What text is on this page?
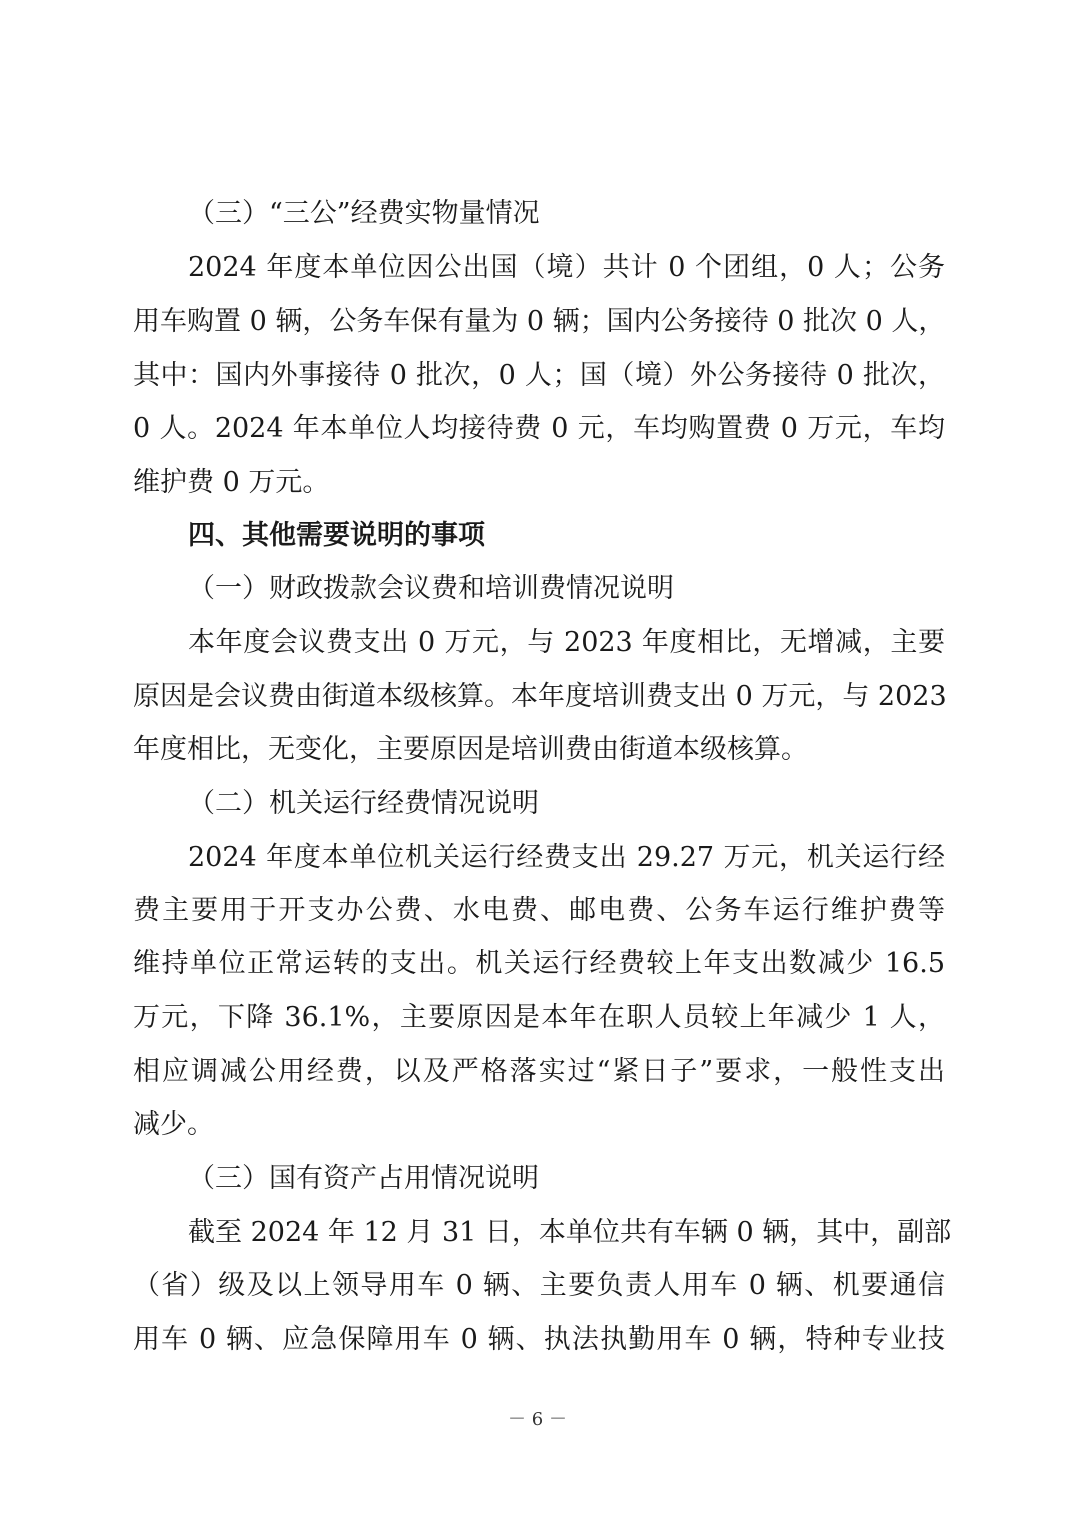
（三）“三公”经费实物量情况
2024 年度本单位因公出国（境）共计 0 个团组，0 人；公务
用车购置 0 辆，公务车保有量为 0 辆；国内公务接待 0 批次 0 人，
其中：国内外事接待 0 批次，0 人；国（境）外公务接待 0 批次，
0 人。2024 年本单位人均接待费 0 元，车均购置费 0 万元，车均
维护费 0 万元。
四、其他需要说明的事项
（一）财政拨款会议费和培训费情况说明
本年度会议费支出 0 万元，与 2023 年度相比，无增减，主要
原因是会议费由街道本级核算。本年度培训费支出 0 万元，与 2023
年度相比，无变化，主要原因是培训费由街道本级核算。
（二）机关运行经费情况说明
2024 年度本单位机关运行经费支出 29.27 万元，机关运行经
费主要用于开支办公费、水电费、邮电费、公务车运行维护费等
维持单位正常运转的支出。机关运行经费较上年支出数减少 16.5
万元，下降 36.1%，主要原因是本年在职人员较上年减少 1 人，
相应调减公用经费，以及严格落实过“紧日子”要求，一般性支出
减少。
（三）国有资产占用情况说明
截至 2024 年 12 月 31 日，本单位共有车辆 0 辆，其中，副部
（省）级及以上领导用车 0 辆、主要负责人用车 0 辆、机要通信
用车 0 辆、应急保障用车 0 辆、执法执勤用车 0 辆，特种专业技
－ 6 －
